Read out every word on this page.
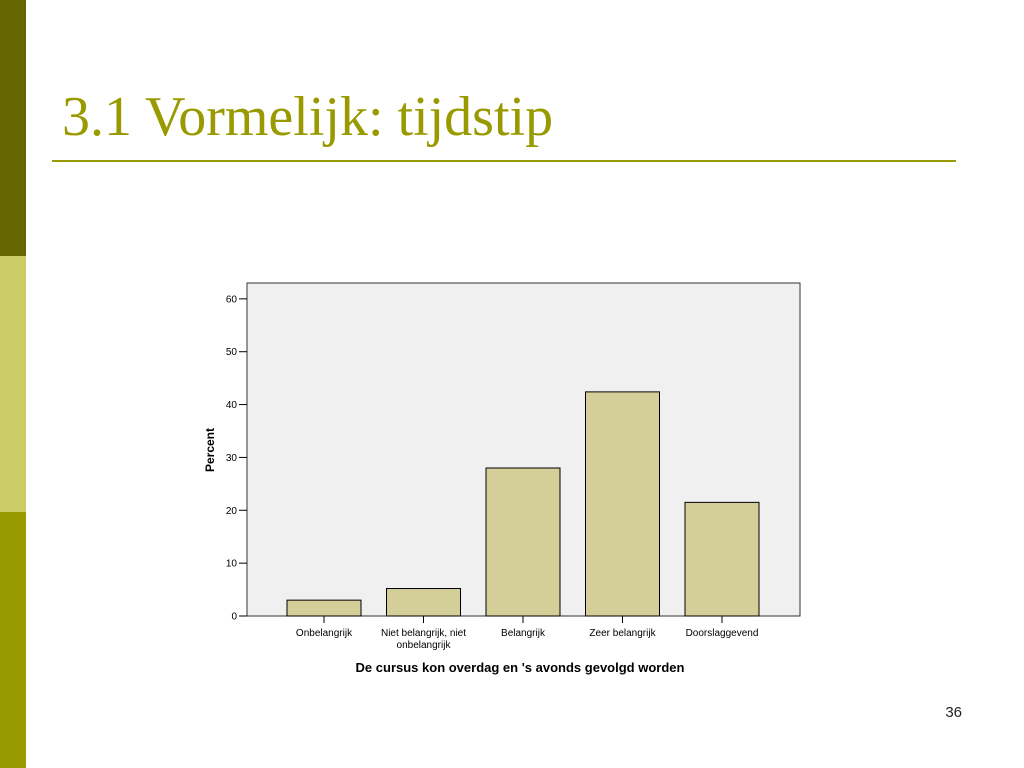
3.1 Vormelijk: tijdstip
0
10
20
30
40
50
60
Onbelangrijk	Niet belangrijk, niet
onbelangrijk
Belangrijk	Zeer belangrijk	Doorslaggevend
Percent
De cursus kon overdag en 's avonds gevolgd worden
36
